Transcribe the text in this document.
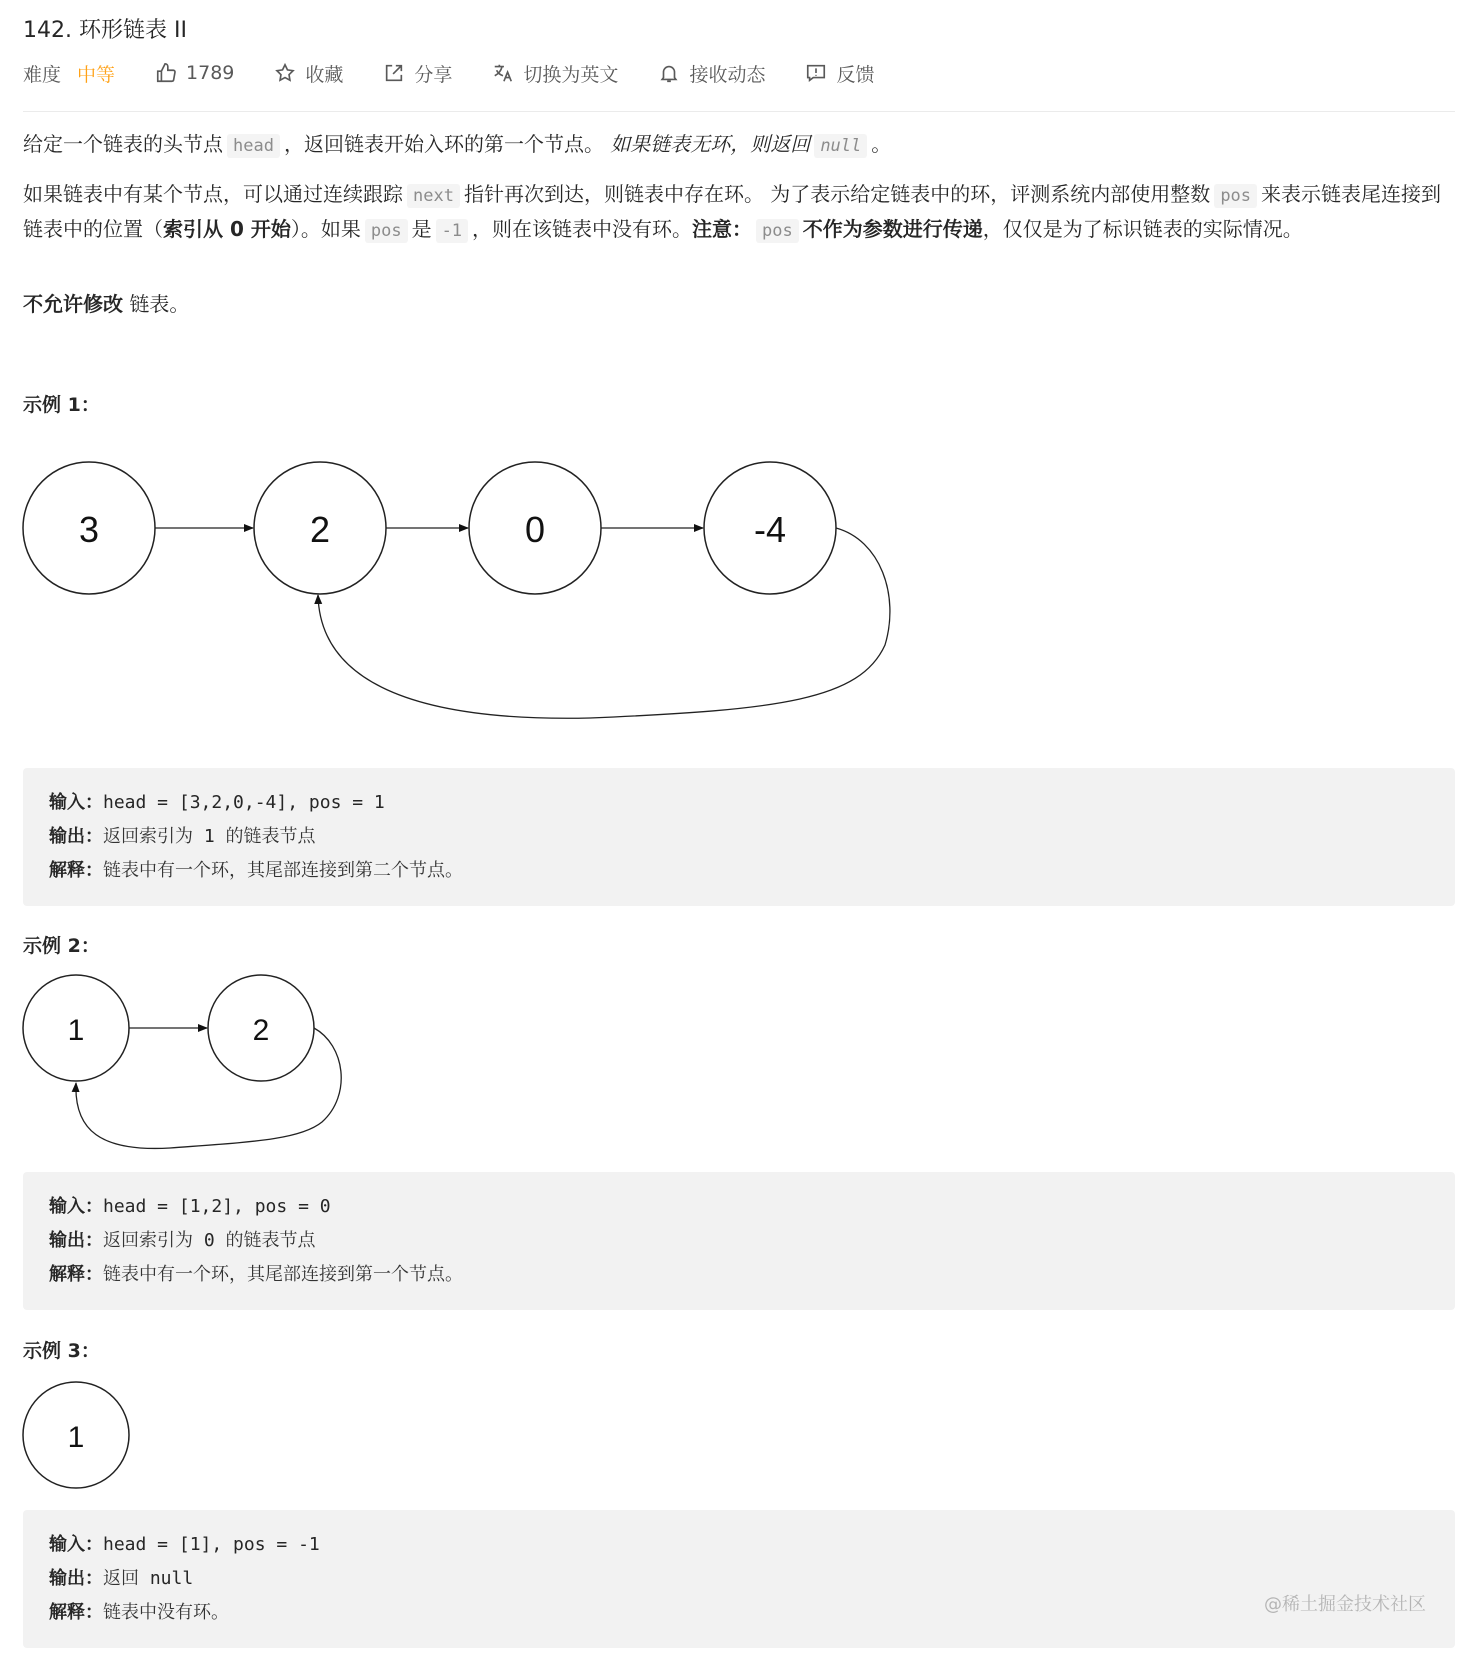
142. 环形链表 II
难度 中等	1789	收藏	分享	切换为英文	接收动态	反馈

给定一个链表的头节点 head ，返回链表开始入环的第一个节点。 如果链表无环，则返回 null 。

如果链表中有某个节点，可以通过连续跟踪 next 指针再次到达，则链表中存在环。 为了表示给定链表中的环，评测系统内部使用整数 pos 来表示链表尾连接到链表中的位置（索引从 0 开始）。如果 pos 是 -1 ，则在该链表中没有环。注意： pos 不作为参数进行传递，仅仅是为了标识链表的实际情况。

不允许修改 链表。

示例 1：
3	2	0	-4
输入：head = [3,2,0,-4], pos = 1
输出：返回索引为 1 的链表节点
解释：链表中有一个环，其尾部连接到第二个节点。
示例 2：
1	2
输入：head = [1,2], pos = 0
输出：返回索引为 0 的链表节点
解释：链表中有一个环，其尾部连接到第一个节点。
示例 3：
1
输入：head = [1], pos = -1
输出：返回 null
解释：链表中没有环。	@稀土掘金技术社区
